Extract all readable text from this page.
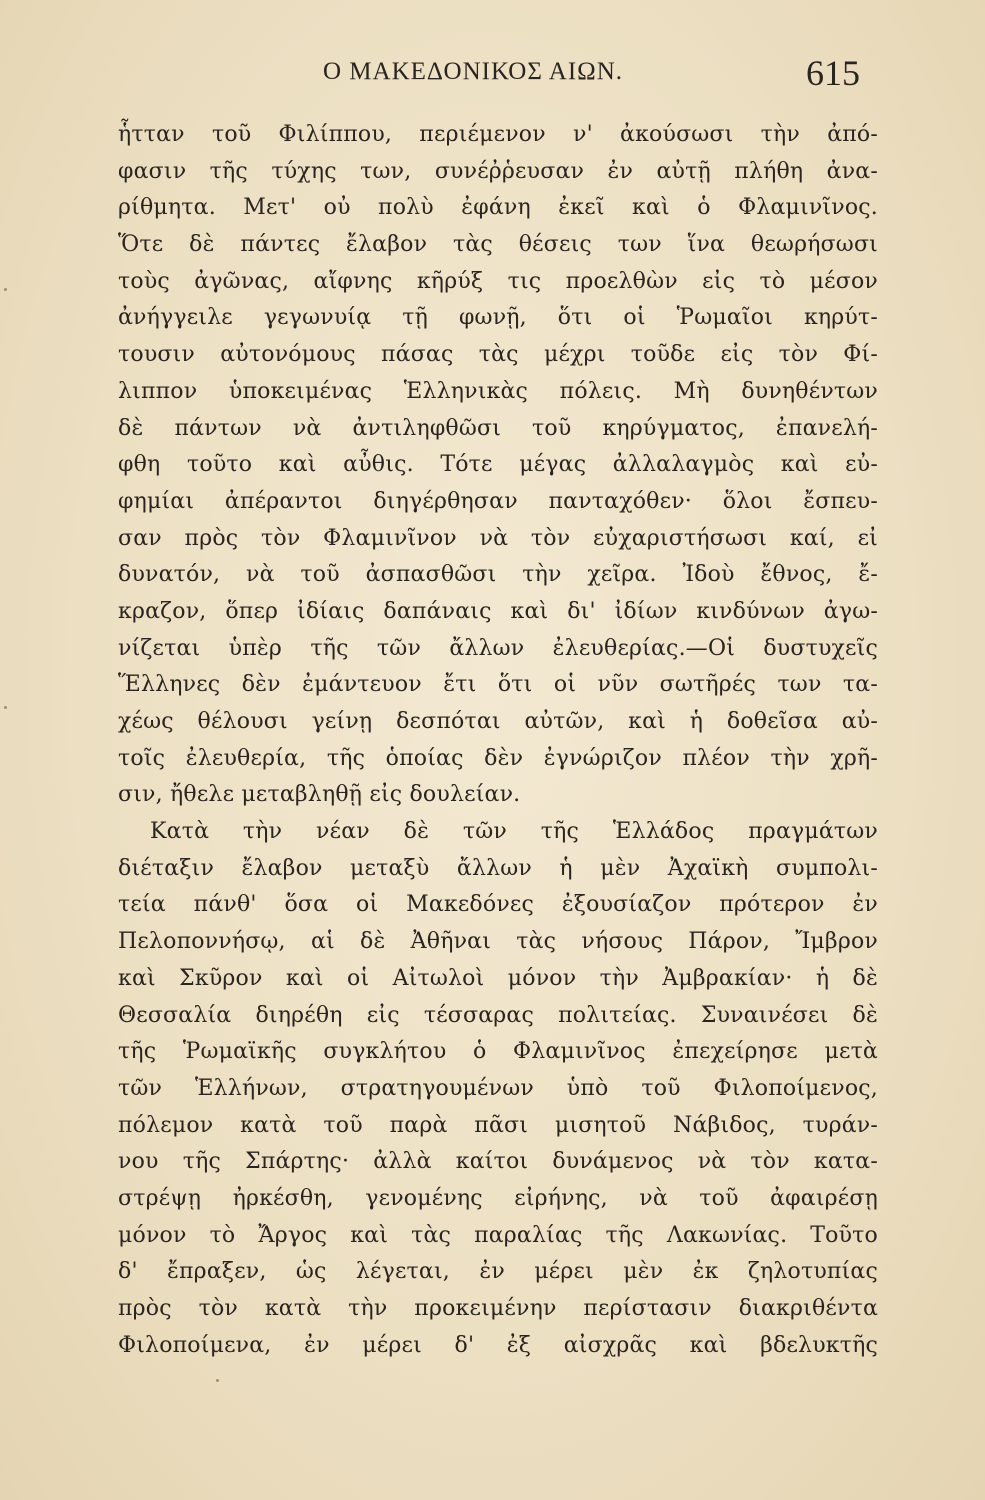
Ο ΜΑΚΕΔΟΝΙΚΟΣ ΑΙΩΝ.	615
ἧτταν τοῦ Φιλίππου, περιέμενον ν' ἀκούσωσι τὴν ἀπό-
φασιν τῆς τύχης των, συνέῤῥευσαν ἐν αὐτῇ πλήθη ἀνα-
ρίθμητα. Μετ' οὐ πολὺ ἐφάνη ἐκεῖ καὶ ὁ Φλαμινῖνος.
Ὅτε δὲ πάντες ἔλαβον τὰς θέσεις των ἵνα θεωρήσωσι
τοὺς ἀγῶνας, αἴφνης κῆρύξ τις προελθὼν εἰς τὸ μέσον
ἀνήγγειλε γεγωνυίᾳ τῇ φωνῇ, ὅτι οἱ Ῥωμαῖοι κηρύτ-
τουσιν αὐτονόμους πάσας τὰς μέχρι τοῦδε εἰς τὸν Φί-
λιππον ὑποκειμένας Ἑλληνικὰς πόλεις. Μὴ δυνηθέντων
δὲ πάντων νὰ ἀντιληφθῶσι τοῦ κηρύγματος, ἐπανελή-
φθη τοῦτο καὶ αὖθις. Τότε μέγας ἀλλαλαγμὸς καὶ εὐ-
φημίαι ἀπέραντοι διηγέρθησαν πανταχόθεν· ὅλοι ἔσπευ-
σαν πρὸς τὸν Φλαμινῖνον νὰ τὸν εὐχαριστήσωσι καί, εἰ
δυνατόν, νὰ τοῦ ἀσπασθῶσι τὴν χεῖρα. Ἰδοὺ ἔθνος, ἔ-
κραζον, ὅπερ ἰδίαις δαπάναις καὶ δι' ἰδίων κινδύνων ἀγω-
νίζεται ὑπὲρ τῆς τῶν ἄλλων ἐλευθερίας.—Οἱ δυστυχεῖς
Ἕλληνες δὲν ἐμάντευον ἔτι ὅτι οἱ νῦν σωτῆρές των τα-
χέως θέλουσι γείνῃ δεσπόται αὐτῶν, καὶ ἡ δοθεῖσα αὐ-
τοῖς ἐλευθερία, τῆς ὁποίας δὲν ἐγνώριζον πλέον τὴν χρῆ-
σιν, ἤθελε μεταβληθῇ εἰς δουλείαν.
Κατὰ τὴν νέαν δὲ τῶν τῆς Ἑλλάδος πραγμάτων
διέταξιν ἔλαβον μεταξὺ ἄλλων ἡ μὲν Ἀχαϊκὴ συμπολι-
τεία πάνθ' ὅσα οἱ Μακεδόνες ἐξουσίαζον πρότερον ἐν
Πελοποννήσῳ, αἱ δὲ Ἀθῆναι τὰς νήσους Πάρον, Ἴμβρον
καὶ Σκῦρον καὶ οἱ Αἰτωλοὶ μόνον τὴν Ἀμβρακίαν· ἡ δὲ
Θεσσαλία διηρέθη εἰς τέσσαρας πολιτείας. Συναινέσει δὲ
τῆς Ῥωμαϊκῆς συγκλήτου ὁ Φλαμινῖνος ἐπεχείρησε μετὰ
τῶν Ἑλλήνων, στρατηγουμένων ὑπὸ τοῦ Φιλοποίμενος,
πόλεμον κατὰ τοῦ παρὰ πᾶσι μισητοῦ Νάβιδος, τυράν-
νου τῆς Σπάρτης· ἀλλὰ καίτοι δυνάμενος νὰ τὸν κατα-
στρέψῃ ἠρκέσθη, γενομένης εἰρήνης, νὰ τοῦ ἀφαιρέσῃ
μόνον τὸ Ἄργος καὶ τὰς παραλίας τῆς Λακωνίας. Τοῦτο
δ' ἔπραξεν, ὡς λέγεται, ἐν μέρει μὲν ἐκ ζηλοτυπίας
πρὸς τὸν κατὰ τὴν προκειμένην περίστασιν διακριθέντα
Φιλοποίμενα, ἐν μέρει δ' ἐξ αἰσχρᾶς καὶ βδελυκτῆς
